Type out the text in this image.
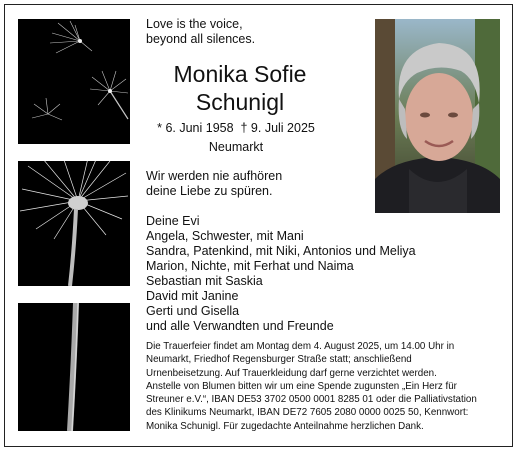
Love is the voice,
beyond all silences.

Monika Sofie
Schunigl

* 6. Juni 1958  † 9. Juli 2025

Neumarkt

Wir werden nie aufhören
deine Liebe zu spüren.

Deine Evi
Angela, Schwester, mit Mani
Sandra, Patenkind, mit Niki, Antonios und Meliya
Marion, Nichte, mit Ferhat und Naima
Sebastian mit Saskia
David mit Janine
Gerti und Gisella
und alle Verwandten und Freunde

Die Trauerfeier findet am Montag dem 4. August 2025, um 14.00 Uhr in
Neumarkt, Friedhof Regensburger Straße statt; anschließend
Urnenbeisetzung. Auf Trauerkleidung darf gerne verzichtet werden.
Anstelle von Blumen bitten wir um eine Spende zugunsten „Ein Herz für
Streuner e.V.“, IBAN DE53 3702 0500 0001 8285 01 oder die Palliativstation
des Klinikums Neumarkt, IBAN DE72 7605 2080 0000 0025 50, Kennwort:
Monika Schunigl. Für zugedachte Anteilnahme herzlichen Dank.
